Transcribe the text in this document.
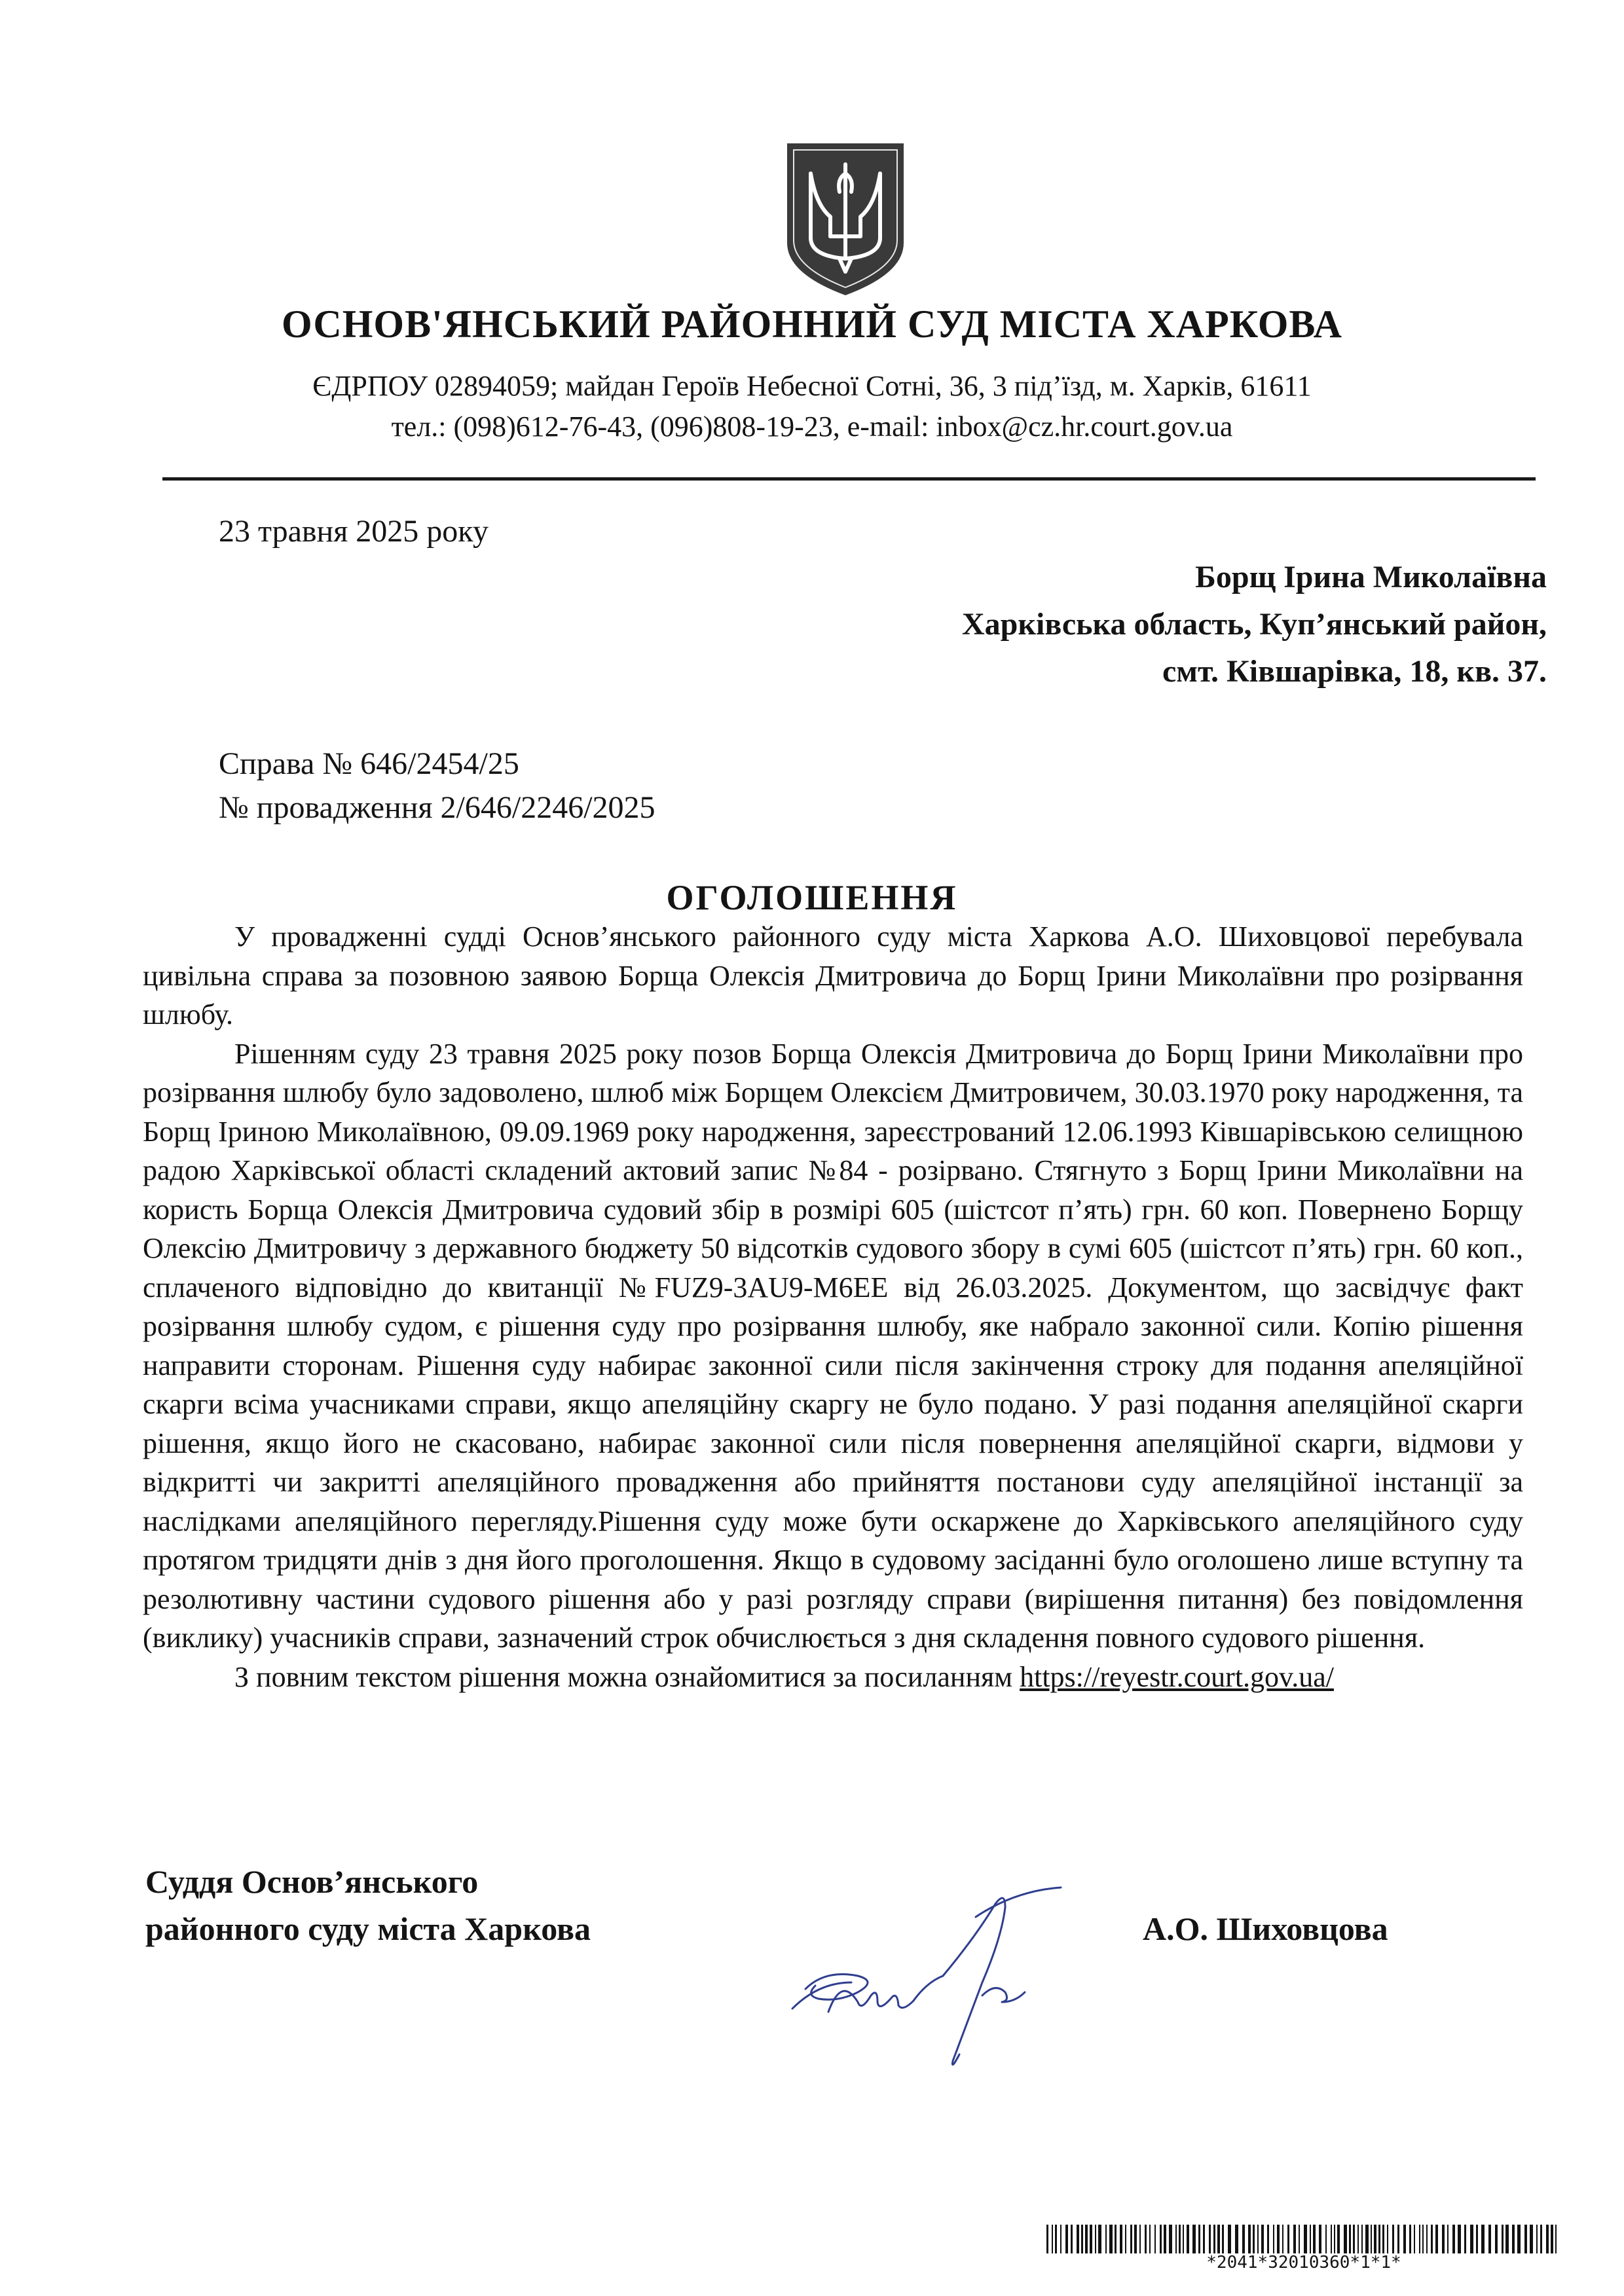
ОСНОВ'ЯНСЬКИЙ РАЙОННИЙ СУД МІСТА ХАРКОВА
ЄДРПОУ 02894059; майдан Героїв Небесної Сотні, 36, 3 під’їзд, м. Харків, 61611
тел.: (098)612-76-43, (096)808-19-23, e-mail: inbox@cz.hr.court.gov.ua
23 травня 2025 року
Борщ Ірина Миколаївна
Харківська область, Куп’янський район,
смт. Ківшарівка, 18, кв. 37.
Справа № 646/2454/25
№ провадження 2/646/2246/2025
ОГОЛОШЕННЯ

У провадженні судді Основ’янського районного суду міста Харкова А.О. Шиховцової перебувала цивільна справа за позовною заявою Борща Олексія Дмитровича до Борщ Ірини Миколаївни про розірвання шлюбу.

Рішенням суду 23 травня 2025 року позов Борща Олексія Дмитровича до Борщ Ірини Миколаївни про розірвання шлюбу було задоволено, шлюб між Борщем Олексієм Дмитровичем, 30.03.1970 року народження, та Борщ Іриною Миколаївною, 09.09.1969 року народження, зареєстрований 12.06.1993 Ківшарівською селищною радою Харківської області складений актовий запис №84 - розірвано. Стягнуто з Борщ Ірини Миколаївни на користь Борща Олексія Дмитровича судовий збір в розмірі 605 (шістсот п’ять) грн. 60 коп. Повернено Борщу Олексію Дмитровичу з державного бюджету 50 відсотків судового збору в сумі 605 (шістсот п’ять) грн. 60 коп., сплаченого відповідно до квитанції №FUZ9-3AU9-M6EE від 26.03.2025. Документом, що засвідчує факт розірвання шлюбу судом, є рішення суду про розірвання шлюбу, яке набрало законної сили. Копію рішення направити сторонам. Рішення суду набирає законної сили після закінчення строку для подання апеляційної скарги всіма учасниками справи, якщо апеляційну скаргу не було подано. У разі подання апеляційної скарги рішення, якщо його не скасовано, набирає законної сили після повернення апеляційної скарги, відмови у відкритті чи закритті апеляційного провадження або прийняття постанови суду апеляційної інстанції за наслідками апеляційного перегляду.Рішення суду може бути оскаржене до Харківського апеляційного суду протягом тридцяти днів з дня його проголошення. Якщо в судовому засіданні було оголошено лише вступну та резолютивну частини судового рішення або у разі розгляду справи (вирішення питання) без повідомлення (виклику) учасників справи, зазначений строк обчислюється з дня складення повного судового рішення.

З повним текстом рішення можна ознайомитися за посиланням https://reyestr.court.gov.ua/

Суддя Основ’янського
районного суду міста Харкова	А.О. Шиховцова
*2041*32010360*1*1*
